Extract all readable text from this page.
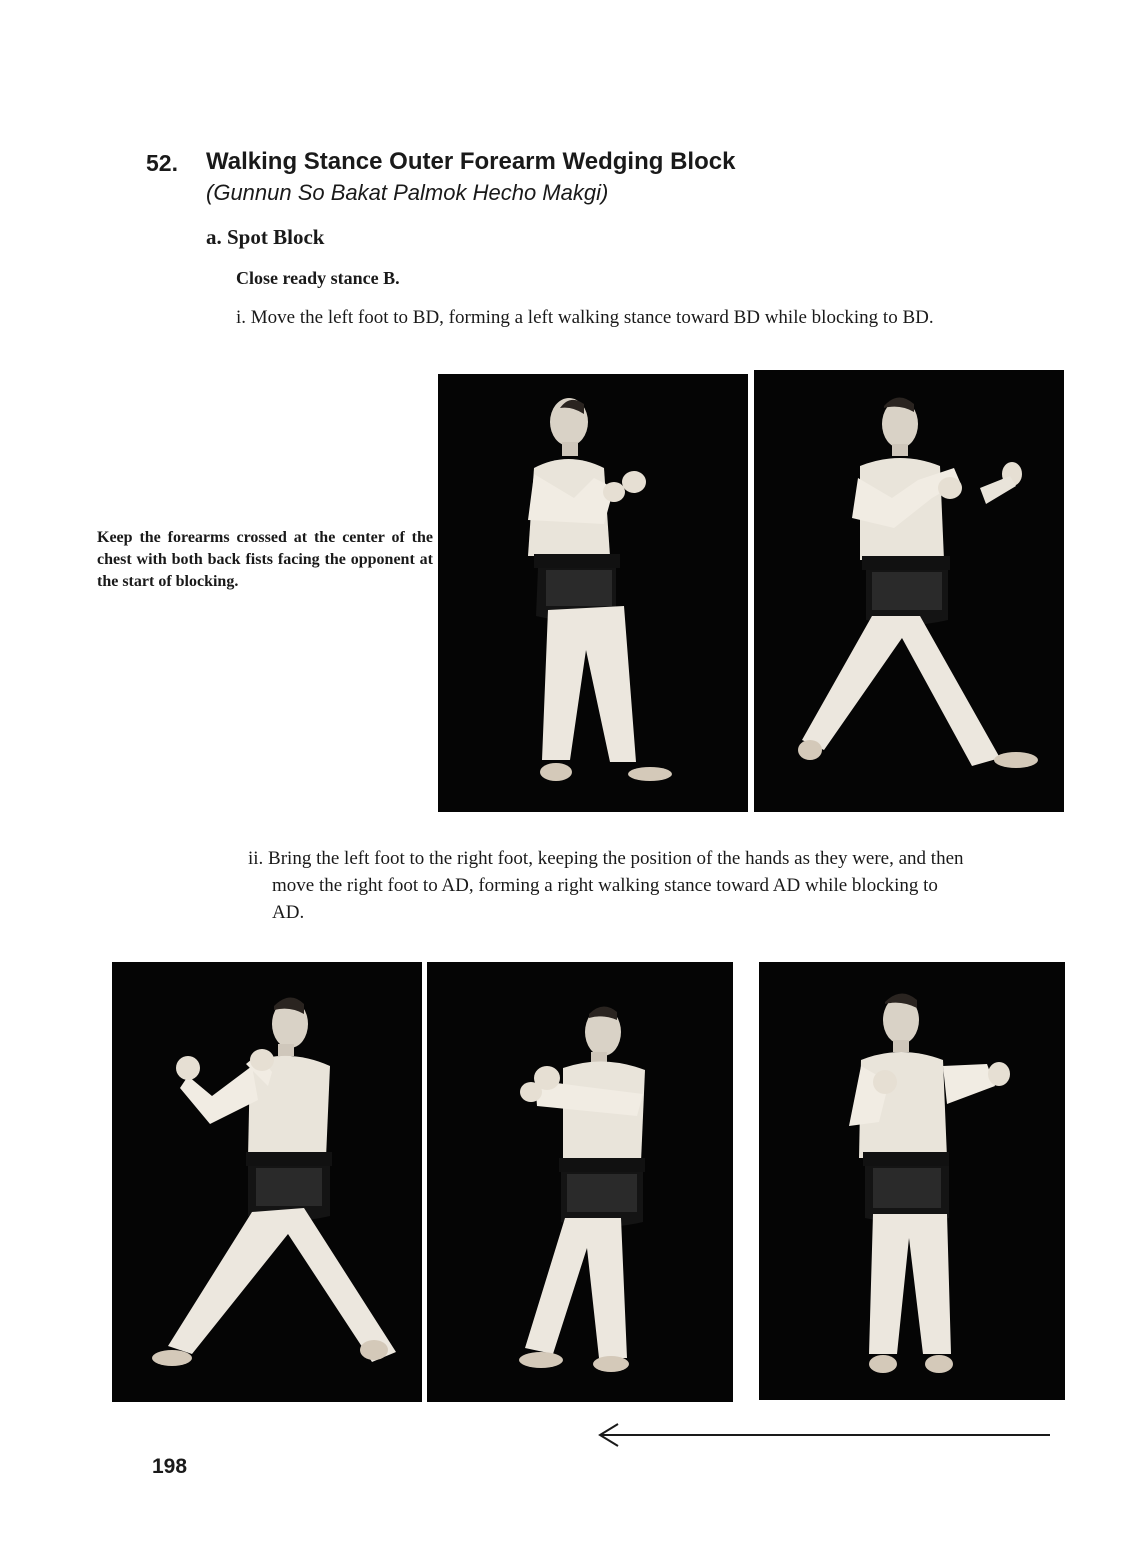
52. Walking Stance Outer Forearm Wedging Block
(Gunnun So Bakat Palmok Hecho Makgi)
a. Spot Block
Close ready stance B.
i. Move the left foot to BD, forming a left walking stance toward BD while blocking to BD.
Keep the forearms crossed at the center of the chest with both back fists facing the opponent at the start of blocking.
ii. Bring the left foot to the right foot, keeping the position of the hands as they were, and then move the right foot to AD, forming a right walking stance toward AD while blocking to AD.
198
